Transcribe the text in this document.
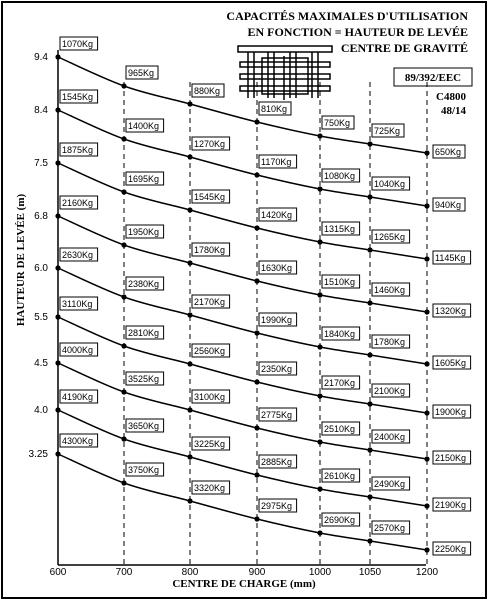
CAPACITÉS MAXIMALES D'UTILISATION
EN FONCTION = HAUTEUR DE LEVÉE
CENTRE DE GRAVITÉ
89/392/EEC
C4800
48/14
600	700	800	900	1000	1050	1200
9.4
8.4
7.5
6.8
6.0
5.5
4.5
4.0
3.25
1070Kg
965Kg
880Kg
810Kg
750Kg
725Kg
650Kg
1545Kg
1400Kg
1270Kg
1170Kg
1080Kg
1040Kg
940Kg
1875Kg
1695Kg
1545Kg
1420Kg
1315Kg
1265Kg
1145Kg
2160Kg
1950Kg
1780Kg
1630Kg
1510Kg
1460Kg
1320Kg
2630Kg
2380Kg
2170Kg
1990Kg
1840Kg
1780Kg
1605Kg
3110Kg
2810Kg
2560Kg
2350Kg
2170Kg
2100Kg
1900Kg
4000Kg
3525Kg
3100Kg
2775Kg
2510Kg
2400Kg
2150Kg
4190Kg
3650Kg
3225Kg
2885Kg
2610Kg
2490Kg
2190Kg
4300Kg
3750Kg
3320Kg
2975Kg
2690Kg
2570Kg
2250Kg
CENTRE DE CHARGE (mm)
HAUTEUR DE LEVÉE (m)
